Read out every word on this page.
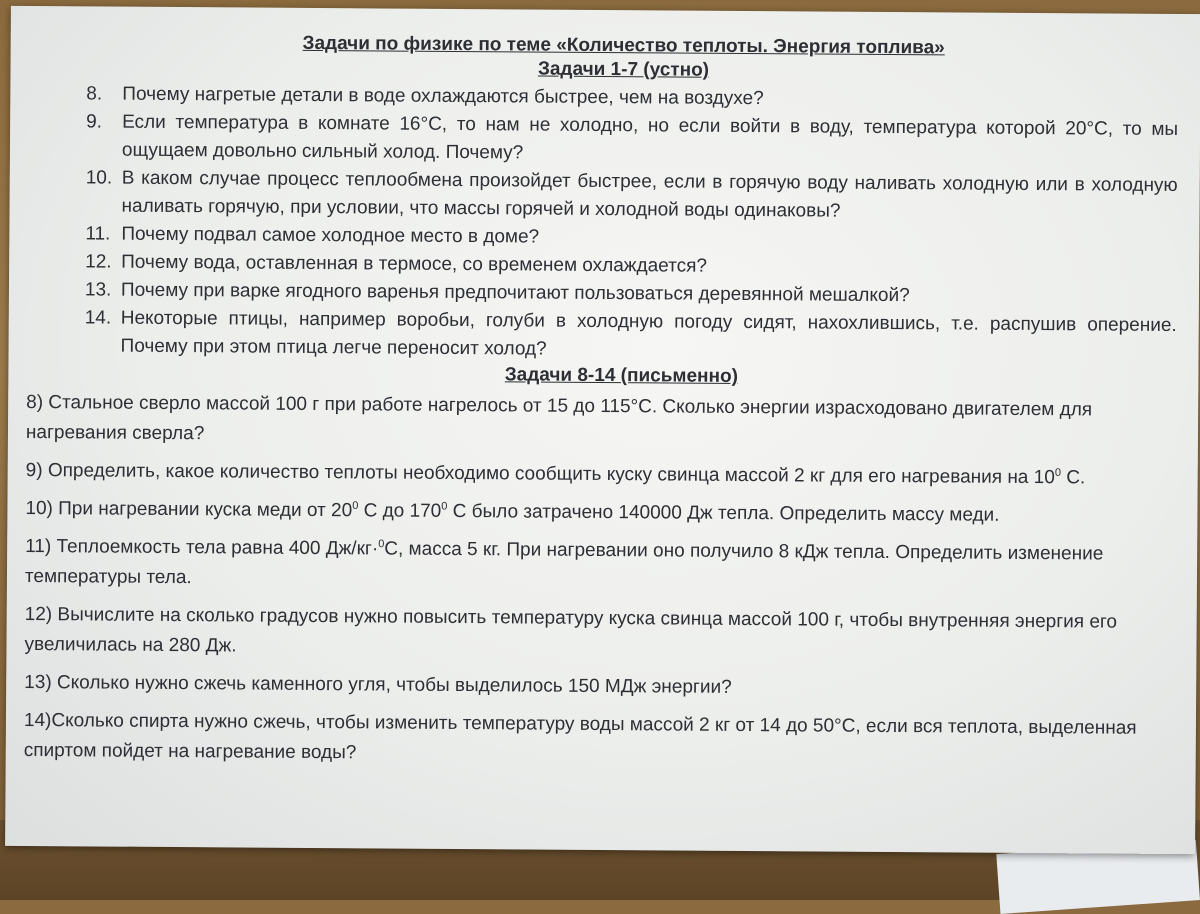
Задачи по физике по теме «Количество теплоты. Энергия топлива»
Задачи 1-7 (устно)
8.	Почему нагретые детали в воде охлаждаются быстрее, чем на воздухе?
9.	Если температура в комнате 16°С, то нам не холодно, но если войти в воду, температура которой 20°С, то мы ощущаем довольно сильный холод. Почему?
10. В каком случае процесс теплообмена произойдет быстрее, если в горячую воду наливать холодную или в холодную наливать горячую, при условии, что массы горячей и холодной воды одинаковы?
11. Почему подвал самое холодное место в доме?
12. Почему вода, оставленная в термосе, со временем охлаждается?
13. Почему при варке ягодного варенья предпочитают пользоваться деревянной мешалкой?
14. Некоторые птицы, например воробьи, голуби в холодную погоду сидят, нахохлившись, т.е. распушив оперение. Почему при этом птица легче переносит холод?
Задачи 8-14 (письменно)
8) Стальное сверло массой 100 г при работе нагрелось от 15 до 115°С. Сколько энергии израсходовано двигателем для нагревания сверла?
9) Определить, какое количество теплоты необходимо сообщить куску свинца массой 2 кг для его нагревания на $10^0$ С.
10) При нагревании куска меди от $20^0$ С до $170^0$ С было затрачено 140000 Дж тепла. Определить массу меди.
11) Теплоемкость тела равна 400 Дж/кг·$^0$С, масса 5 кг. При нагревании оно получило 8 кДж тепла. Определить изменение температуры тела.
12) Вычислите на сколько градусов нужно повысить температуру куска свинца массой 100 г, чтобы внутренняя энергия его увеличилась на 280 Дж.
13) Сколько нужно сжечь каменного угля, чтобы выделилось 150 МДж энергии?
14)Сколько спирта нужно сжечь, чтобы изменить температуру воды массой 2 кг от 14 до 50°С, если вся теплота, выделенная спиртом пойдет на нагревание воды?
